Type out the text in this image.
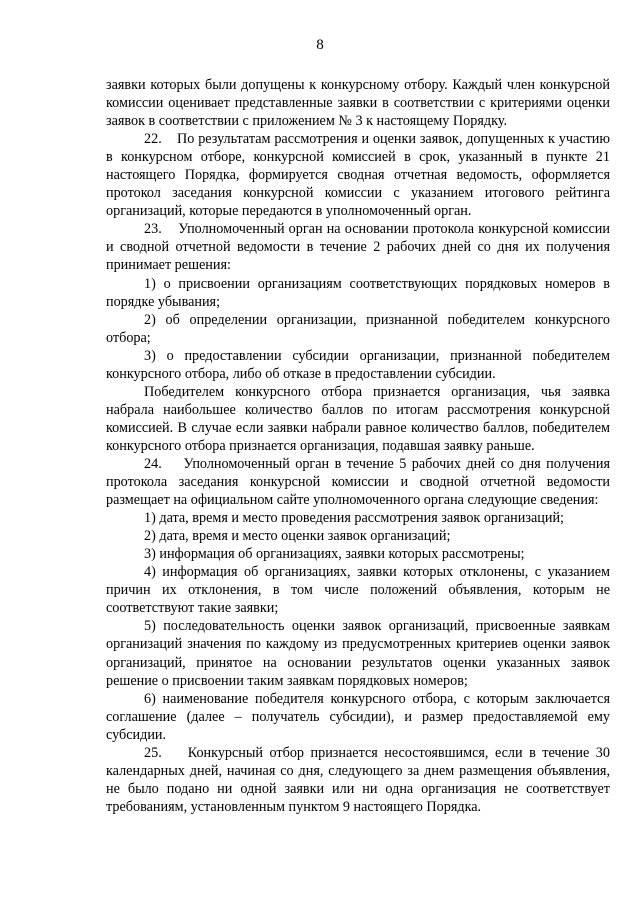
8

заявки которых были допущены к конкурсному отбору. Каждый член конкурсной комиссии оценивает представленные заявки в соответствии с критериями оценки заявок в соответствии с приложением № 3 к настоящему Порядку.

22.    По результатам рассмотрения и оценки заявок, допущенных к участию в конкурсном отборе, конкурсной комиссией в срок, указанный в пункте 21 настоящего Порядка, формируется сводная отчетная ведомость, оформляется протокол заседания конкурсной комиссии с указанием итогового рейтинга организаций, которые передаются в уполномоченный орган.

23.    Уполномоченный орган на основании протокола конкурсной комиссии и сводной отчетной ведомости в течение 2 рабочих дней со дня их получения принимает решения:

1) о присвоении организациям соответствующих порядковых номеров в порядке убывания;

2) об определении организации, признанной победителем конкурсного отбора;

3) о предоставлении субсидии организации, признанной победителем конкурсного отбора, либо об отказе в предоставлении субсидии.

Победителем конкурсного отбора признается организация, чья заявка набрала наибольшее количество баллов по итогам рассмотрения конкурсной комиссией. В случае если заявки набрали равное количество баллов, победителем конкурсного отбора признается организация, подавшая заявку раньше.

24.    Уполномоченный орган в течение 5 рабочих дней со дня получения протокола заседания конкурсной комиссии и сводной отчетной ведомости размещает на официальном сайте уполномоченного органа следующие сведения:

1) дата, время и место проведения рассмотрения заявок организаций;

2) дата, время и место оценки заявок организаций;

3) информация об организациях, заявки которых рассмотрены;

4) информация об организациях, заявки которых отклонены, с указанием причин их отклонения, в том числе положений объявления, которым не соответствуют такие заявки;

5) последовательность оценки заявок организаций, присвоенные заявкам организаций значения по каждому из предусмотренных критериев оценки заявок организаций, принятое на основании результатов оценки указанных заявок решение о присвоении таким заявкам порядковых номеров;

6) наименование победителя конкурсного отбора, с которым заключается соглашение (далее – получатель субсидии), и размер предоставляемой ему субсидии.

25.    Конкурсный отбор признается несостоявшимся, если в течение 30 календарных дней, начиная со дня, следующего за днем размещения объявления, не было подано ни одной заявки или ни одна организация не соответствует требованиям, установленным пунктом 9 настоящего Порядка.
